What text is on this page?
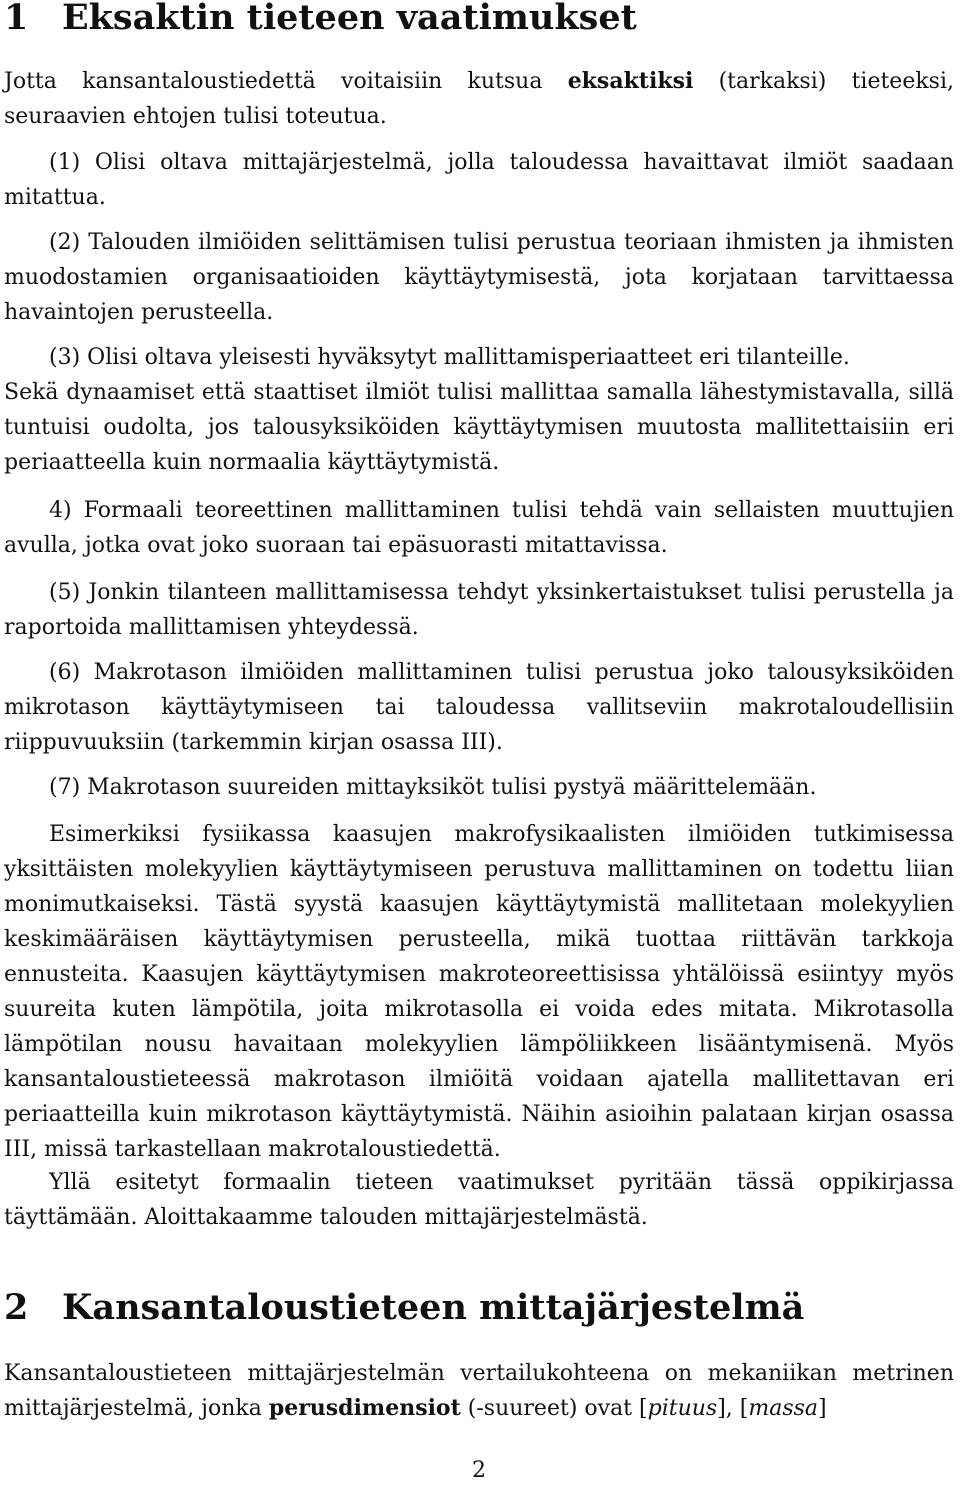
1 Eksaktin tieteen vaatimukset

Jotta kansantaloustiedettä voitaisiin kutsua eksaktiksi (tarkaksi) tieteeksi, seuraavien ehtojen tulisi toteutua.

(1) Olisi oltava mittajärjestelmä, jolla taloudessa havaittavat ilmiöt saadaan mitattua.

(2) Talouden ilmiöiden selittämisen tulisi perustua teoriaan ihmisten ja ihmisten muodostamien organisaatioiden käyttäytymisestä, jota korjataan tarvittaessa havaintojen perusteella.

(3) Olisi oltava yleisesti hyväksytyt mallittamisperiaatteet eri tilanteille.

Sekä dynaamiset että staattiset ilmiöt tulisi mallittaa samalla lähestymistavalla, sillä tuntuisi oudolta, jos talousyksiköiden käyttäytymisen muutosta mallitettaisiin eri periaatteella kuin normaalia käyttäytymistä.

4) Formaali teoreettinen mallittaminen tulisi tehdä vain sellaisten muuttujien avulla, jotka ovat joko suoraan tai epäsuorasti mitattavissa.

(5) Jonkin tilanteen mallittamisessa tehdyt yksinkertaistukset tulisi perustella ja raportoida mallittamisen yhteydessä.

(6) Makrotason ilmiöiden mallittaminen tulisi perustua joko talousyksiköiden mikrotason käyttäytymiseen tai taloudessa vallitseviin makrotaloudellisiin riippuvuuksiin (tarkemmin kirjan osassa III).

(7) Makrotason suureiden mittayksiköt tulisi pystyä määrittelemään.

Esimerkiksi fysiikassa kaasujen makrofysikaalisten ilmiöiden tutkimisessa yksittäisten molekyylien käyttäytymiseen perustuva mallittaminen on todettu liian monimutkaiseksi. Tästä syystä kaasujen käyttäytymistä mallitetaan molekyylien keskimääräisen käyttäytymisen perusteella, mikä tuottaa riittävän tarkkoja ennusteita. Kaasujen käyttäytymisen makroteoreettisissa yhtälöissä esiintyy myös suureita kuten lämpötila, joita mikrotasolla ei voida edes mitata. Mikrotasolla lämpötilan nousu havaitaan molekyylien lämpöliikkeen lisääntymisenä. Myös kansantaloustieteessä makrotason ilmiöitä voidaan ajatella mallitettavan eri periaatteilla kuin mikrotason käyttäytymistä. Näihin asioihin palataan kirjan osassa III, missä tarkastellaan makrotaloustiedettä.

Yllä esitetyt formaalin tieteen vaatimukset pyritään tässä oppikirjassa täyttämään. Aloittakaamme talouden mittajärjestelmästä.

2 Kansantaloustieteen mittajärjestelmä

Kansantaloustieteen mittajärjestelmän vertailukohteena on mekaniikan metrinen mittajärjestelmä, jonka perusdimensiot (-suureet) ovat [pituus], [massa]

2
